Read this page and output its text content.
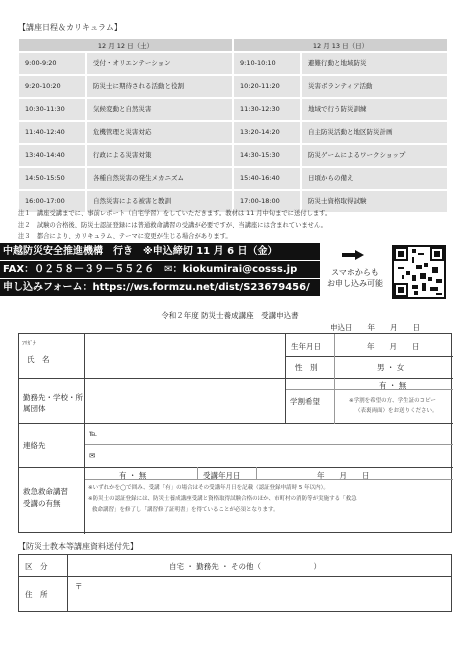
【講座日程＆カリキュラム】
12 月 12 日（土）	12 月 13 日（日）
9:00-9:20	受付・オリエンテーション	9:10-10:10	避難行動と地域防災
9:20-10:20	防災士に期待される活動と役割	10:20-11:20	災害ボランティア活動
10:30-11:30	気候変動と自然災害	11:30-12:30	地域で行う防災訓練
11:40-12:40	危機管理と災害対応	13:20-14:20	自主防災活動と地区防災計画
13:40-14:40	行政による災害対策	14:30-15:30	防災ゲームによるワークショップ
14:50-15:50	各種自然災害の発生メカニズム	15:40-16:40	日頃からの備え
16:00-17:00	自然災害による被害と教訓	17:00-18:00	防災士資格取得試験
注１　講座受講までに、事前レポート（自宅学習）をしていただきます。教材は 11 月中旬までに送付します。
注２　試験の合格後、防災士認証登録には普通救命講習の受講が必要ですが、当講座には含まれていません。
注３　都合により、カリキュラム、テーマに変更が生じる場合があります。
中越防災安全推進機構　行き　※申込締切 11 月 6 日（金）
FAX：０２５８－３９－５５２６　✉：kiokumirai@cosss.jp
申し込みフォーム：https://ws.formzu.net/dist/S23679456/
スマホからも
お申し込み可能
令和２年度 防災士養成講座　受講申込書
申込日　　年　　月　　日
ﾌﾘｶﾞﾅ
氏　名
生年月日	年　　月　　日
性　別	男 ・ 女
勤務先・学校・所属団体
学割希望
有 ・ 無
※学割を希望の方、学生証のコピー
（表裏両面）をお送りください。
連絡先
℡
✉
救急救命講習
受講の有無
有 ・ 無	受講年月日	年　　月　　日
※いずれかを◯で囲み、受講「有」の場合はその受講年月日を記載（認証登録申請時 5 年以内）。
※防災士の認証登録には、防災士養成講座受講と資格取得試験合格のほか、市町村の消防等が実施する「救急
救命講習」を修了し「講習修了証明書」を得ていることが必須となります。
【防災士教本等講座資料送付先】
区　分	自宅 ・ 勤務先 ・ その他（　　　　　　　）
住　所
〒
